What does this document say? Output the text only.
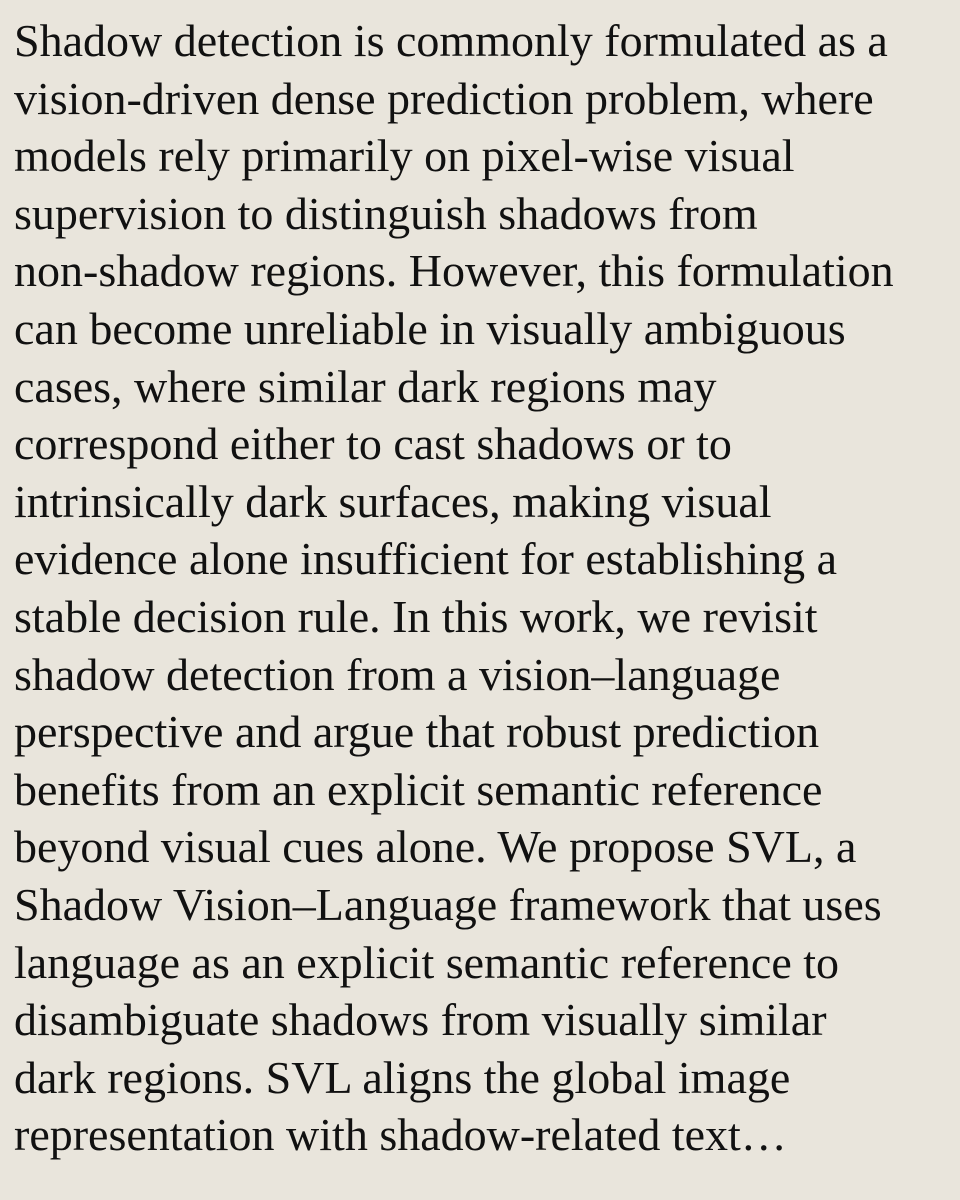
Shadow detection is commonly formulated as a
vision-driven dense prediction problem, where
models rely primarily on pixel-wise visual
supervision to distinguish shadows from
non-shadow regions. However, this formulation
can become unreliable in visually ambiguous
cases, where similar dark regions may
correspond either to cast shadows or to
intrinsically dark surfaces, making visual
evidence alone insufficient for establishing a
stable decision rule. In this work, we revisit
shadow detection from a vision–language
perspective and argue that robust prediction
benefits from an explicit semantic reference
beyond visual cues alone. We propose SVL, a
Shadow Vision–Language framework that uses
language as an explicit semantic reference to
disambiguate shadows from visually similar
dark regions. SVL aligns the global image
representation with shadow-related text…
